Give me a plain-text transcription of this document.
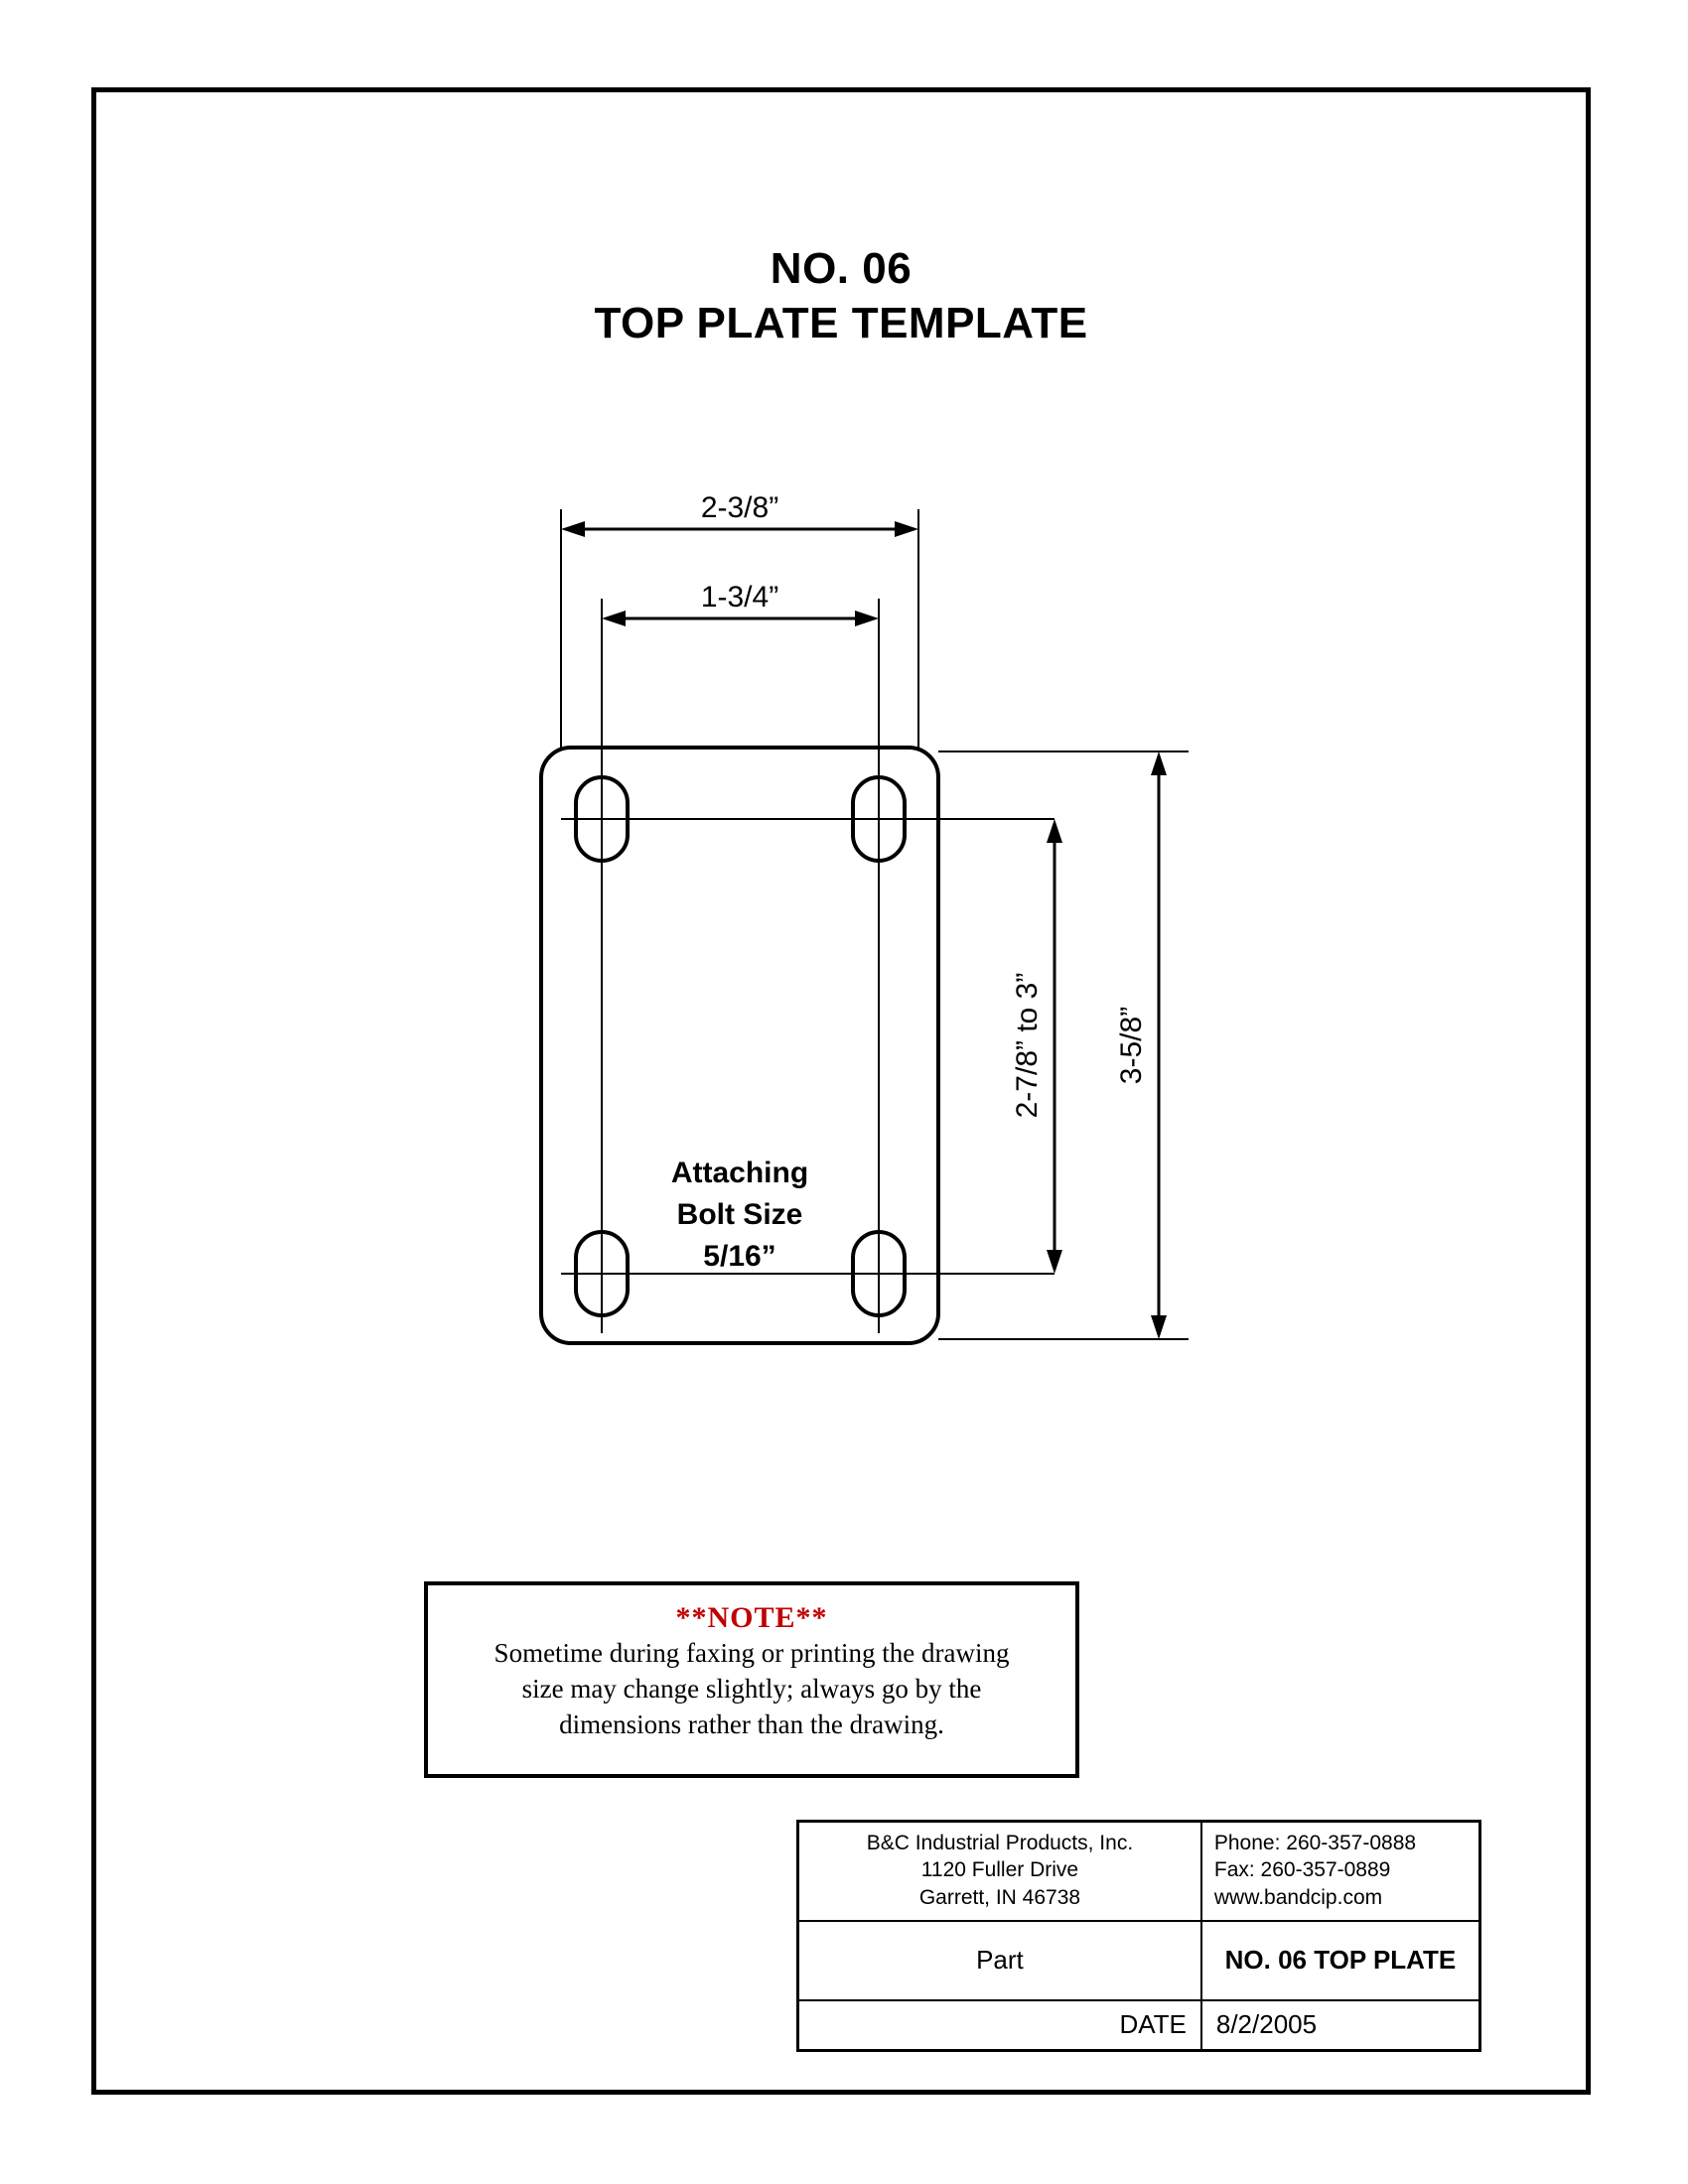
NO. 06
TOP PLATE TEMPLATE
2-3/8”
1-3/4”
3-5/8”
2-7/8” to 3”
Attaching
Bolt Size
5/16”
**NOTE**
Sometime during faxing or printing the drawing
size may change slightly; always go by the
dimensions rather than the drawing.
B&C Industrial Products, Inc.
1120 Fuller Drive
Garrett, IN 46738

Phone: 260-357-0888
Fax: 260-357-0889
www.bandcip.com

Part	NO. 06 TOP PLATE
DATE	8/2/2005
